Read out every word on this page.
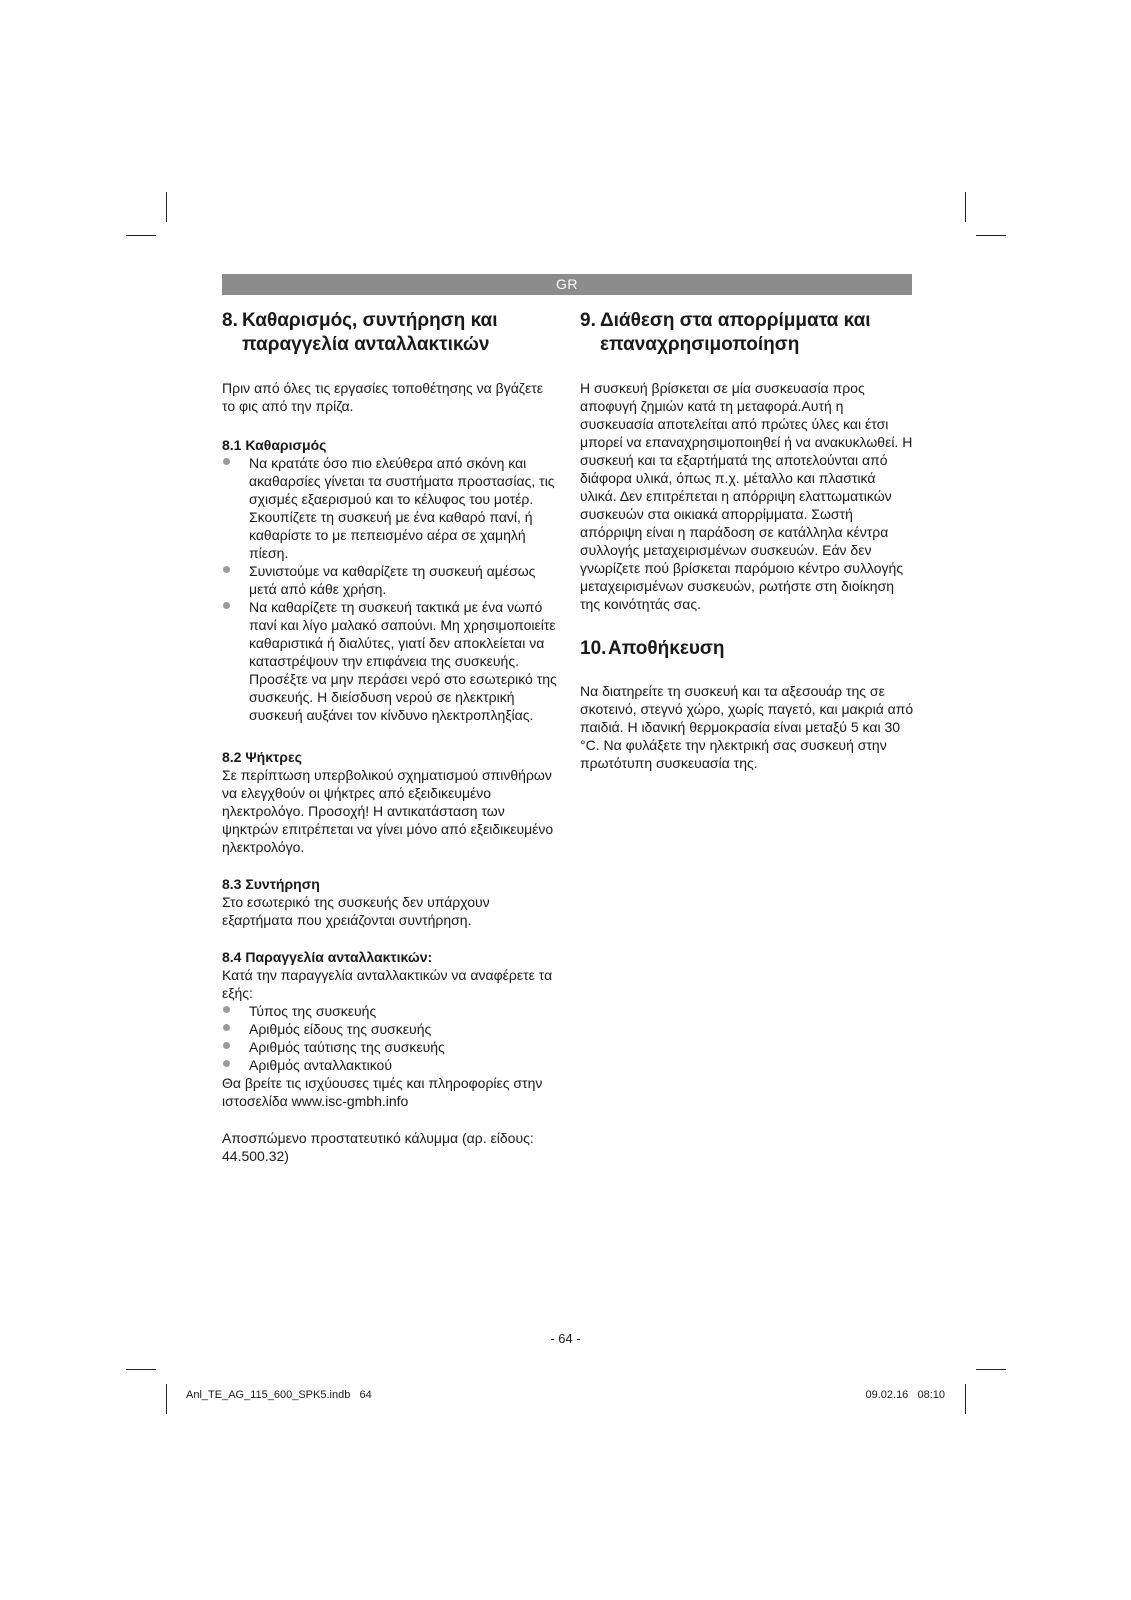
GR
8. Καθαρισμός, συντήρηση και
παραγγελία ανταλλακτικών

Πριν από όλες τις εργασίες τοποθέτησης να βγάζετε το φις από την πρίζα.

8.1 Καθαρισμός
Να κρατάτε όσο πιο ελεύθερα από σκόνη και ακαθαρσίες γίνεται τα συστήματα προστασίας, τις σχισμές εξαερισμού και το κέλυφος του μοτέρ. Σκουπίζετε τη συσκευή με ένα καθαρό πανί, ή καθαρίστε το με πεπεισμένο αέρα σε χαμηλή πίεση.
Συνιστούμε να καθαρίζετε τη συσκευή αμέσως μετά από κάθε χρήση.
Να καθαρίζετε τη συσκευή τακτικά με ένα νωπό πανί και λίγο μαλακό σαπούνι. Μη χρησιμοποιείτε καθαριστικά ή διαλύτες, γιατί δεν αποκλείεται να καταστρέψουν την επιφάνεια της συσκευής. Προσέξτε να μην περάσει νερό στο εσωτερικό της συσκευής. Η διείσδυση νερού σε ηλεκτρική συσκευή αυξάνει τον κίνδυνο ηλεκτροπληξίας.
8.2 Ψήκτρες

Σε περίπτωση υπερβολικού σχηματισμού σπινθήρων να ελεγχθούν οι ψήκτρες από εξειδικευμένο ηλεκτρολόγο. Προσοχή! Η αντικατάσταση των ψηκτρών επιτρέπεται να γίνει μόνο από εξειδικευμένο ηλεκτρολόγο.

8.3 Συντήρηση

Στο εσωτερικό της συσκευής δεν υπάρχουν εξαρτήματα που χρειάζονται συντήρηση.

8.4 Παραγγελία ανταλλακτικών:

Κατά την παραγγελία ανταλλακτικών να αναφέρετε τα εξής:

Τύπος της συσκευής
Αριθμός είδους της συσκευής
Αριθμός ταύτισης της συσκευής
Αριθμός ανταλλακτικού

Θα βρείτε τις ισχύουσες τιμές και πληροφορίες στην ιστοσελίδα www.isc-gmbh.info

Αποσπώμενο προστατευτικό κάλυμμα (αρ. είδους: 44.500.32)

9. Διάθεση στα απορρίμματα και
επαναχρησιμοποίηση

Η συσκευή βρίσκεται σε μία συσκευασία προς αποφυγή ζημιών κατά τη μεταφορά.Αυτή η συσκευασία αποτελείται από πρώτες ύλες και έτσι μπορεί να επαναχρησιμοποιηθεί ή να ανακυκλωθεί. Η συσκευή και τα εξαρτήματά της αποτελούνται από διάφορα υλικά, όπως π.χ. μέταλλο και πλαστικά υλικά. Δεν επιτρέπεται η απόρριψη ελαττωματικών συσκευών στα οικιακά απορρίμματα. Σωστή απόρριψη είναι η παράδοση σε κατάλληλα κέντρα συλλογής μεταχειρισμένων συσκευών. Εάν δεν γνωρίζετε πού βρίσκεται παρόμοιο κέντρο συλλογής μεταχειρισμένων συσκευών, ρωτήστε στη διοίκηση της κοινότητάς σας.

10.Αποθήκευση

Να διατηρείτε τη συσκευή και τα αξεσουάρ της σε σκοτεινό, στεγνό χώρο, χωρίς παγετό, και μακριά από παιδιά. Η ιδανική θερμοκρασία είναι μεταξύ 5 και 30 °C. Να φυλάξετε την ηλεκτρική σας συσκευή στην πρωτότυπη συσκευασία της.

- 64 -
Anl_TE_AG_115_600_SPK5.indb   64	09.02.16   08:10
